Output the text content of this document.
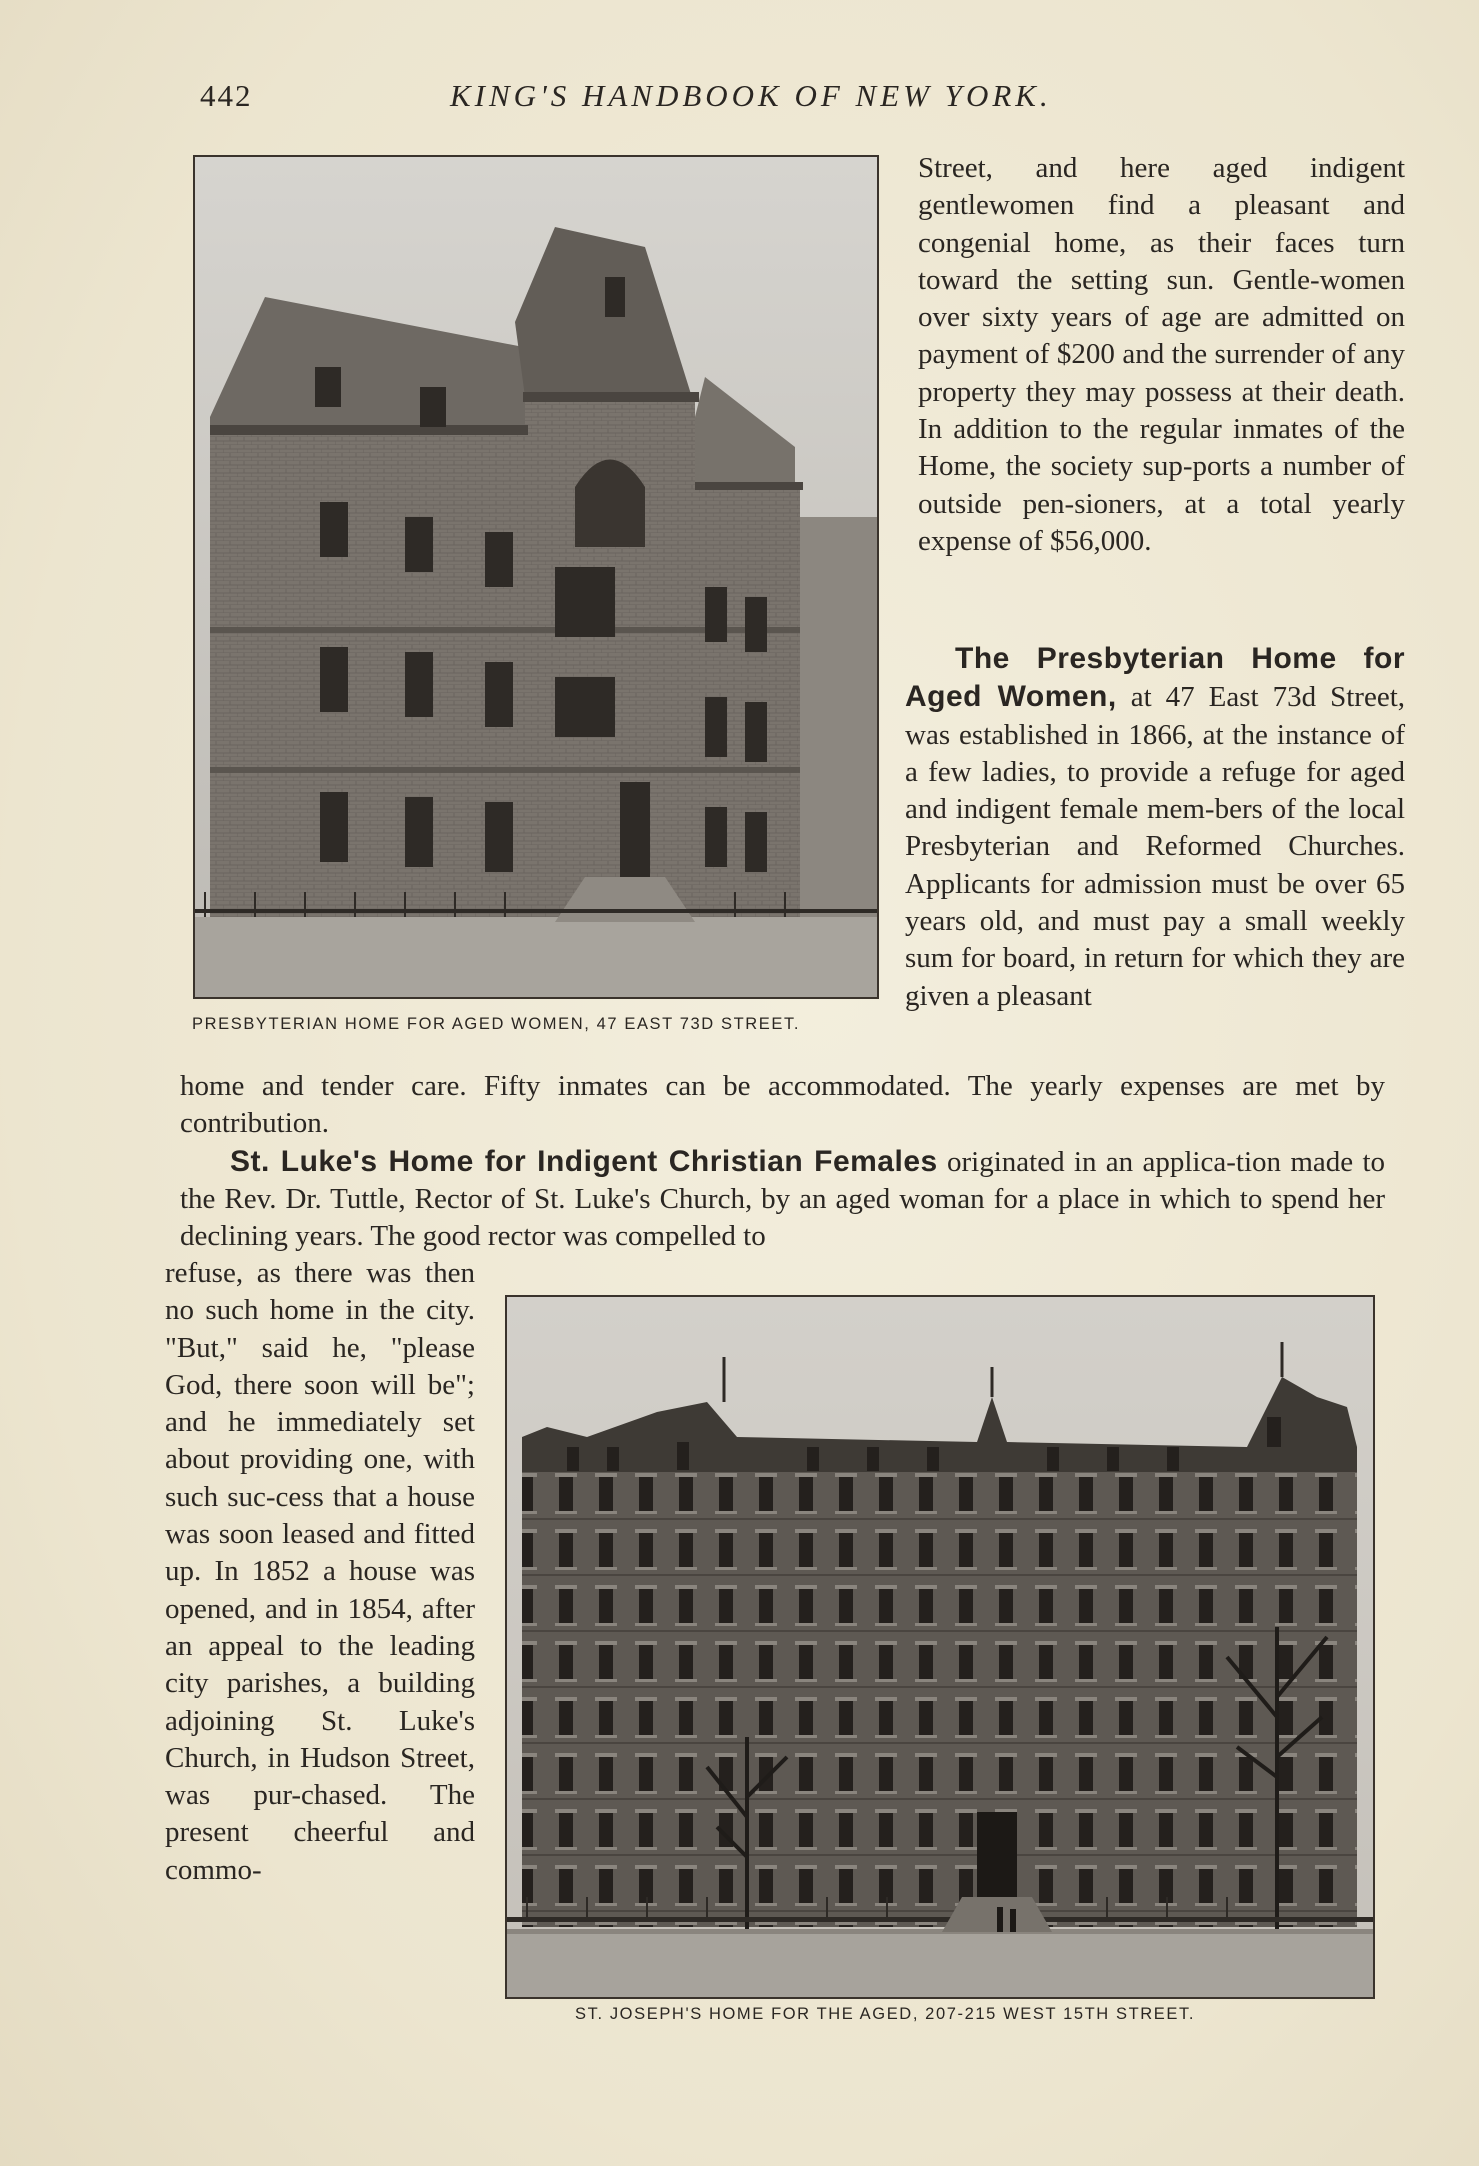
442	KING'S HANDBOOK OF NEW YORK.
PRESBYTERIAN HOME FOR AGED WOMEN, 47 EAST 73D STREET.

Street, and here aged indigent gentlewomen find a pleasant and congenial home, as their faces turn toward the setting sun. Gentle-women over sixty years of age are admitted on payment of $200 and the surrender of any property they may possess at their death. In addition to the regular inmates of the Home, the society sup-ports a number of outside pen-sioners, at a total yearly expense of $56,000.

The Presbyterian Home for Aged Women, at 47 East 73d Street, was established in 1866, at the instance of a few ladies, to provide a refuge for aged and indigent female mem-bers of the local Presbyterian and Reformed Churches. Applicants for admission must be over 65 years old, and must pay a small weekly sum for board, in return for which they are given a pleasant

home and tender care. Fifty inmates can be accommodated. The yearly expenses are met by contribution.

St. Luke's Home for Indigent Christian Females originated in an applica-tion made to the Rev. Dr. Tuttle, Rector of St. Luke's Church, by an aged woman for a place in which to spend her declining years. The good rector was compelled to

refuse, as there was then no such home in the city. "But," said he, "please God, there soon will be"; and he immediately set about providing one, with such suc-cess that a house was soon leased and fitted up. In 1852 a house was opened, and in 1854, after an appeal to the leading city parishes, a building adjoining St. Luke's Church, in Hudson Street, was pur-chased. The present cheerful and commo-

ST. JOSEPH'S HOME FOR THE AGED, 207-215 WEST 15TH STREET.
